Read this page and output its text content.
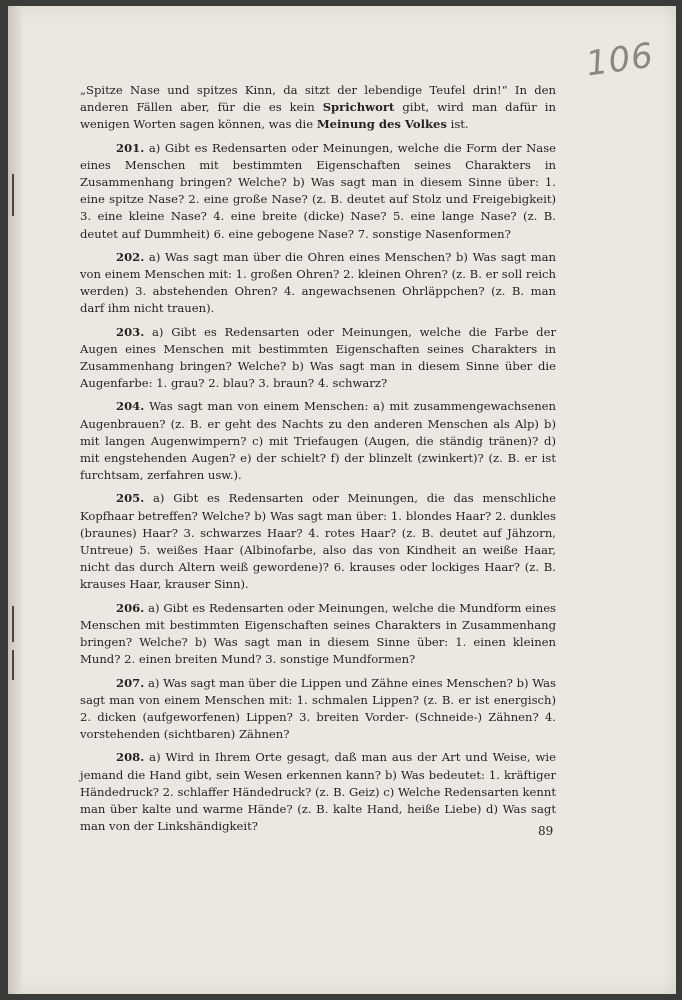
106

„Spitze Nase und spitzes Kinn, da sitzt der lebendige Teufel drin!“ In den anderen Fällen aber, für die es kein Sprichwort gibt, wird man dafür in wenigen Worten sagen können, was die Meinung des Volkes ist.

201. a) Gibt es Redensarten oder Meinungen, welche die Form der Nase eines Menschen mit bestimmten Eigenschaften seines Charakters in Zusammenhang bringen? Welche? b) Was sagt man in diesem Sinne über: 1. eine spitze Nase? 2. eine große Nase? (z. B. deutet auf Stolz und Freigebigkeit) 3. eine kleine Nase? 4. eine breite (dicke) Nase? 5. eine lange Nase? (z. B. deutet auf Dummheit) 6. eine gebogene Nase? 7. sonstige Nasenformen?

202. a) Was sagt man über die Ohren eines Menschen? b) Was sagt man von einem Menschen mit: 1. großen Ohren? 2. kleinen Ohren? (z. B. er soll reich werden) 3. abstehenden Ohren? 4. angewachsenen Ohrläppchen? (z. B. man darf ihm nicht trauen).

203. a) Gibt es Redensarten oder Meinungen, welche die Farbe der Augen eines Menschen mit bestimmten Eigenschaften seines Charakters in Zusammenhang bringen? Welche? b) Was sagt man in diesem Sinne über die Augenfarbe: 1. grau? 2. blau? 3. braun? 4. schwarz?

204. Was sagt man von einem Menschen: a) mit zusammengewachsenen Augenbrauen? (z. B. er geht des Nachts zu den anderen Menschen als Alp) b) mit langen Augenwimpern? c) mit Triefaugen (Augen, die ständig tränen)? d) mit engstehenden Augen? e) der schielt? f) der blinzelt (zwinkert)? (z. B. er ist furchtsam, zerfahren usw.).

205. a) Gibt es Redensarten oder Meinungen, die das menschliche Kopfhaar betreffen? Welche? b) Was sagt man über: 1. blondes Haar? 2. dunkles (braunes) Haar? 3. schwarzes Haar? 4. rotes Haar? (z. B. deutet auf Jähzorn, Untreue) 5. weißes Haar (Albinofarbe, also das von Kindheit an weiße Haar, nicht das durch Altern weiß gewordene)? 6. krauses oder lockiges Haar? (z. B. krauses Haar, krauser Sinn).

206. a) Gibt es Redensarten oder Meinungen, welche die Mundform eines Menschen mit bestimmten Eigenschaften seines Charakters in Zusammenhang bringen? Welche? b) Was sagt man in diesem Sinne über: 1. einen kleinen Mund? 2. einen breiten Mund? 3. sonstige Mundformen?

207. a) Was sagt man über die Lippen und Zähne eines Menschen? b) Was sagt man von einem Menschen mit: 1. schmalen Lippen? (z. B. er ist energisch) 2. dicken (aufgeworfenen) Lippen? 3. breiten Vorder- (Schneide-) Zähnen? 4. vorstehenden (sichtbaren) Zähnen?

208. a) Wird in Ihrem Orte gesagt, daß man aus der Art und Weise, wie jemand die Hand gibt, sein Wesen erkennen kann? b) Was bedeutet: 1. kräftiger Händedruck? 2. schlaffer Händedruck? (z. B. Geiz) c) Welche Redensarten kennt man über kalte und warme Hände? (z. B. kalte Hand, heiße Liebe) d) Was sagt man von der Linkshändigkeit?	89
